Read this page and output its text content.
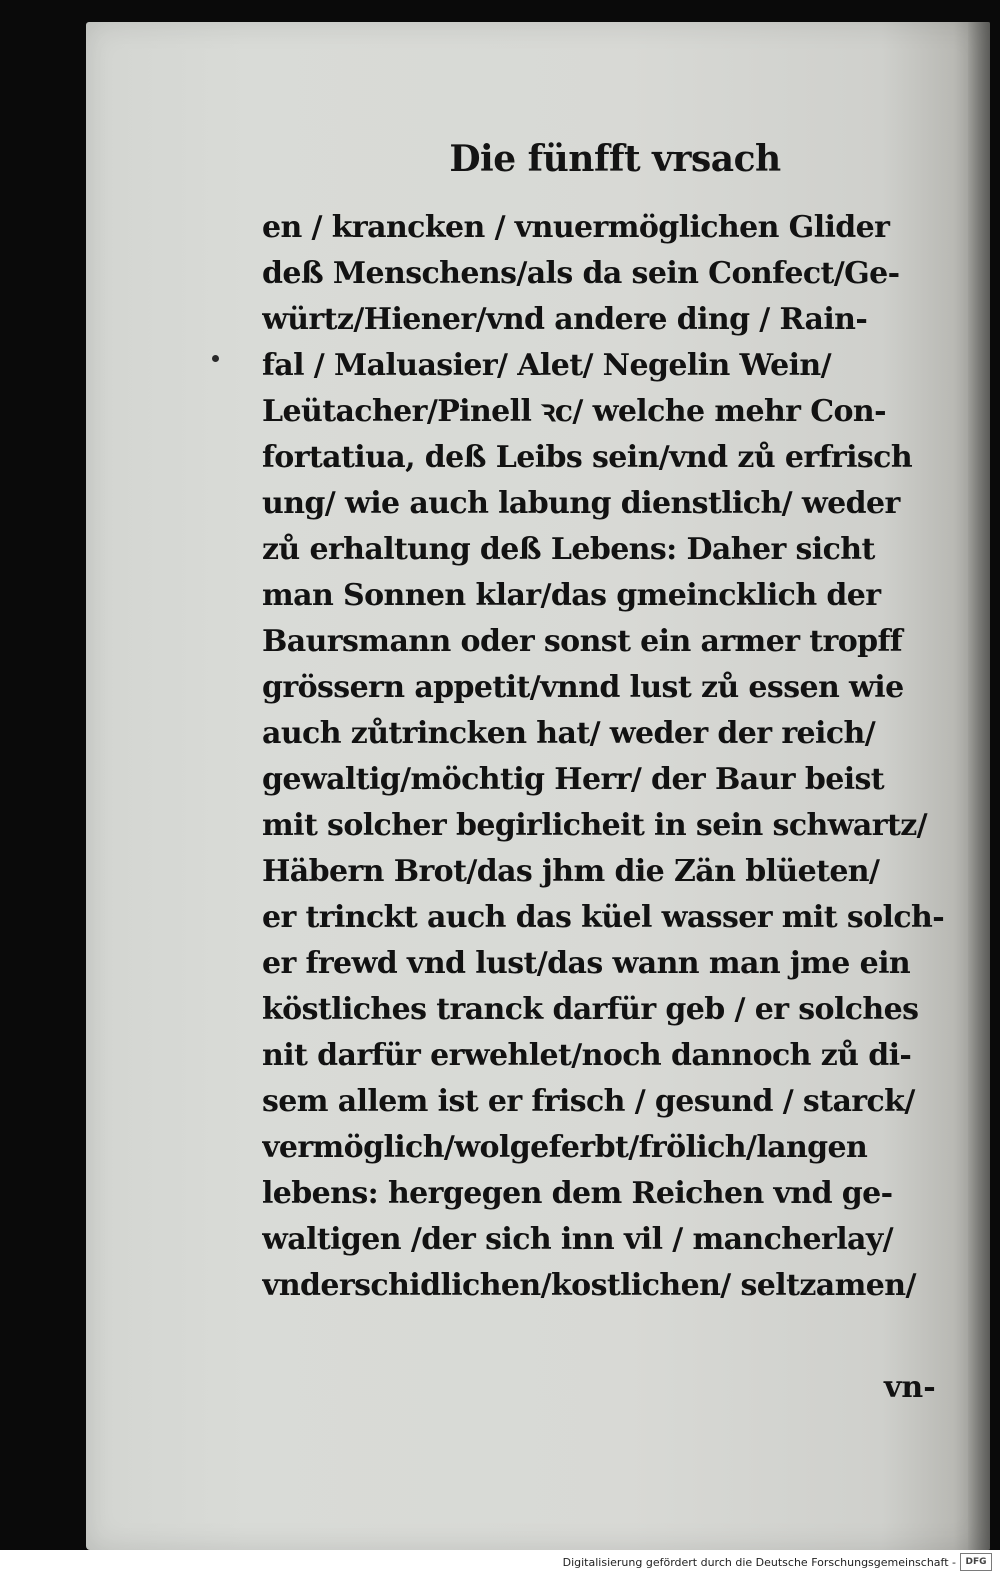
Die fünfft vrsach
en / krancken / vnuermöglichen Glider
deß Menschens/als da sein Confect/Ge-
würtz/Hiener/vnd andere ding / Rain-
fal / Maluasier/ Alet/ Negelin Wein/
Leütacher/Pinell ꝛc/ welche mehr Con-
fortatiua, deß Leibs sein/vnd zů erfrisch
ung/ wie auch labung dienstlich/ weder
zů erhaltung deß Lebens: Daher sicht
man Sonnen klar/das gmeincklich der
Baursmann oder sonst ein armer tropff
grössern appetit/vnnd lust zů essen wie
auch zůtrincken hat/ weder der reich/
gewaltig/möchtig Herr/ der Baur beist
mit solcher begirlicheit in sein schwartz/
Häbern Brot/das jhm die Zän blüeten/
er trinckt auch das küel wasser mit solch-
er frewd vnd lust/das wann man jme ein
köstliches tranck darfür geb / er solches
nit darfür erwehlet/noch dannoch zů di-
sem allem ist er frisch / gesund / starck/
vermöglich/wolgeferbt/frölich/langen
lebens: hergegen dem Reichen vnd ge-
waltigen /der sich inn vil / mancherlay/
vnderschidlichen/kostlichen/ seltzamen/
vn-
Digitalisierung gefördert durch die Deutsche Forschungsgemeinschaft -	DFG
